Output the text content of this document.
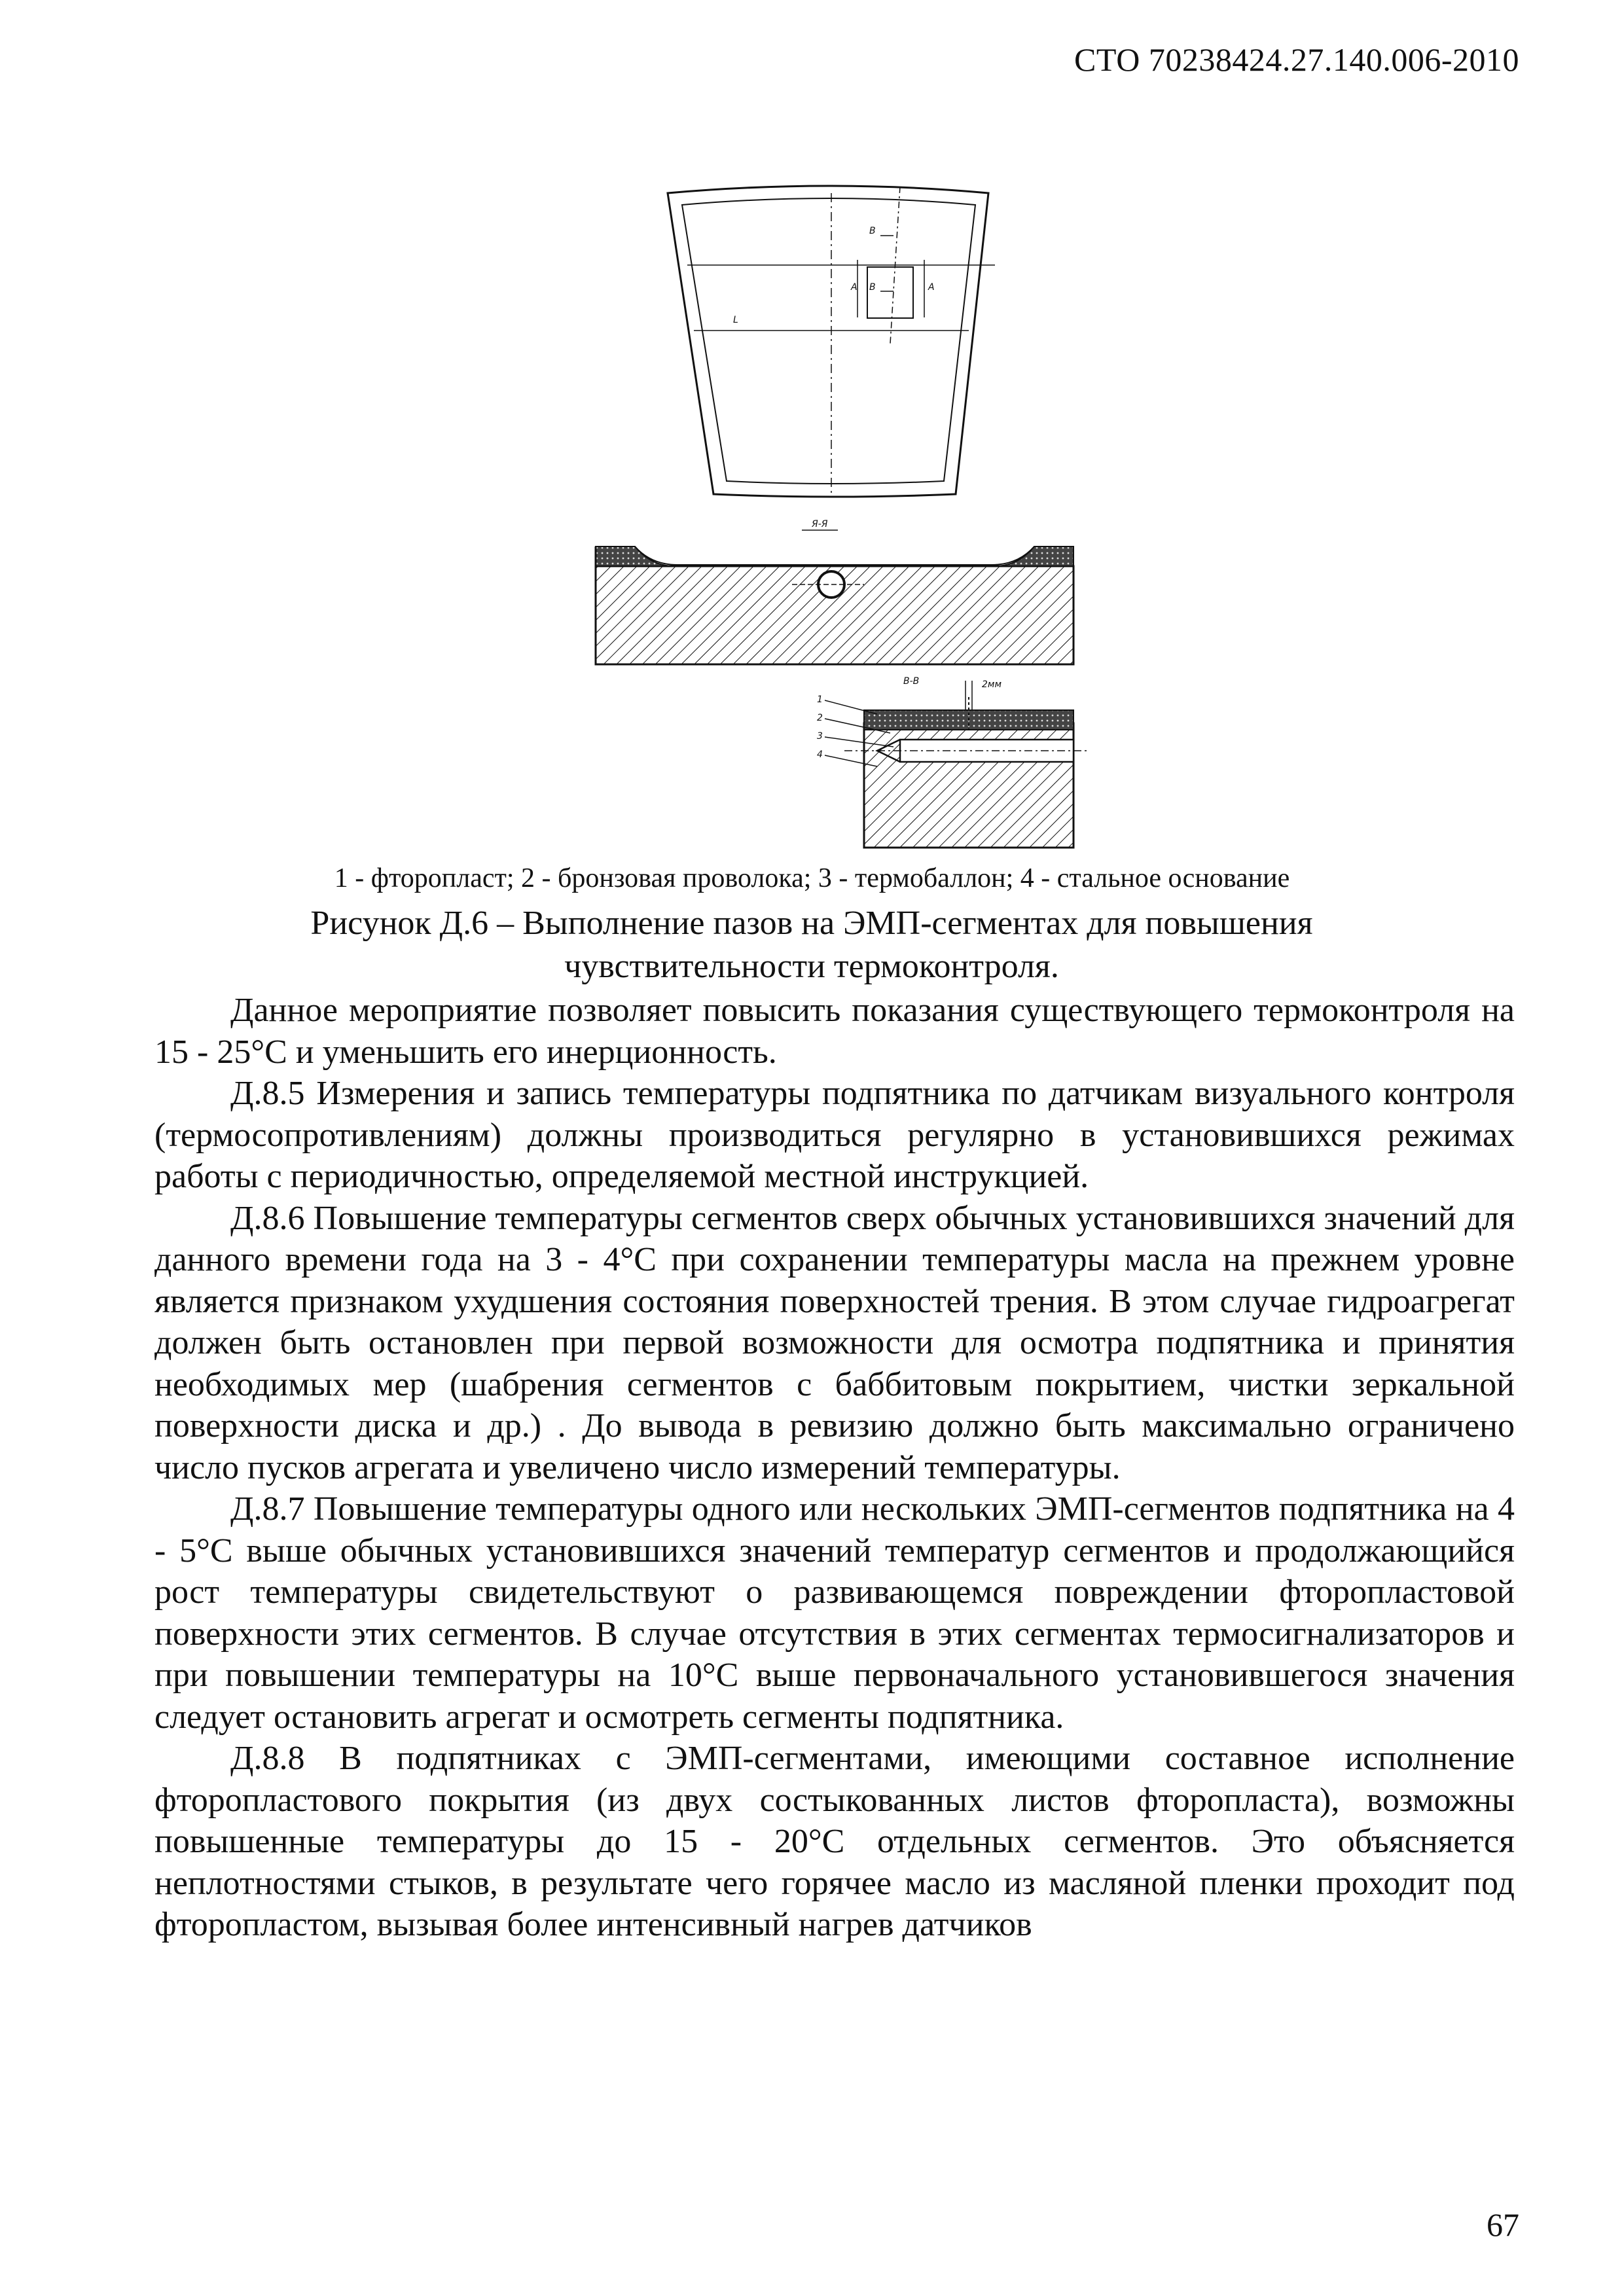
СТО 70238424.27.140.006-2010
L
А	А
В
В
Я-Я
В-В	2мм
1
2
3
4
1 - фторопласт; 2 - бронзовая проволока; 3 - термобаллон; 4 - стальное основание
Рисунок Д.6 – Выполнение пазов на ЭМП-сегментах для повышения
чувствительности термоконтроля.

Данное мероприятие позволяет повысить показания существующего термоконтроля на 15 - 25°С и уменьшить его инерционность.

Д.8.5 Измерения и запись температуры подпятника по датчикам визуального контроля (термосопротивлениям) должны производиться регулярно в установившихся режимах работы с периодичностью, определяемой местной инструкцией.

Д.8.6 Повышение температуры сегментов сверх обычных установившихся значений для данного времени года на 3 - 4°С при сохранении температуры масла на прежнем уровне является признаком ухудшения состояния поверхностей трения. В этом случае гидроагрегат должен быть остановлен при первой возможности для осмотра подпятника и принятия необходимых мер (шабрения сегментов с баббитовым покрытием, чистки зеркальной поверхности диска и др.) . До вывода в ревизию должно быть максимально ограничено число пусков агрегата и увеличено число измерений температуры.

Д.8.7 Повышение температуры одного или нескольких ЭМП-сегментов подпятника на 4 - 5°С выше обычных установившихся значений температур сегментов и продолжающийся рост температуры свидетельствуют о развивающемся повреждении фторопластовой поверхности этих сегментов. В случае отсутствия в этих сегментах термосигнализаторов и при повышении температуры на 10°С выше первоначального установившегося значения следует остановить агрегат и осмотреть сегменты подпятника.

Д.8.8 В подпятниках с ЭМП-сегментами, имеющими составное исполнение фторопластового покрытия (из двух состыкованных листов фторопласта), возможны повышенные температуры до 15 - 20°С отдельных сегментов. Это объясняется неплотностями стыков, в результате чего горячее масло из масляной пленки проходит под фторопластом, вызывая более интенсивный нагрев датчиков

67
